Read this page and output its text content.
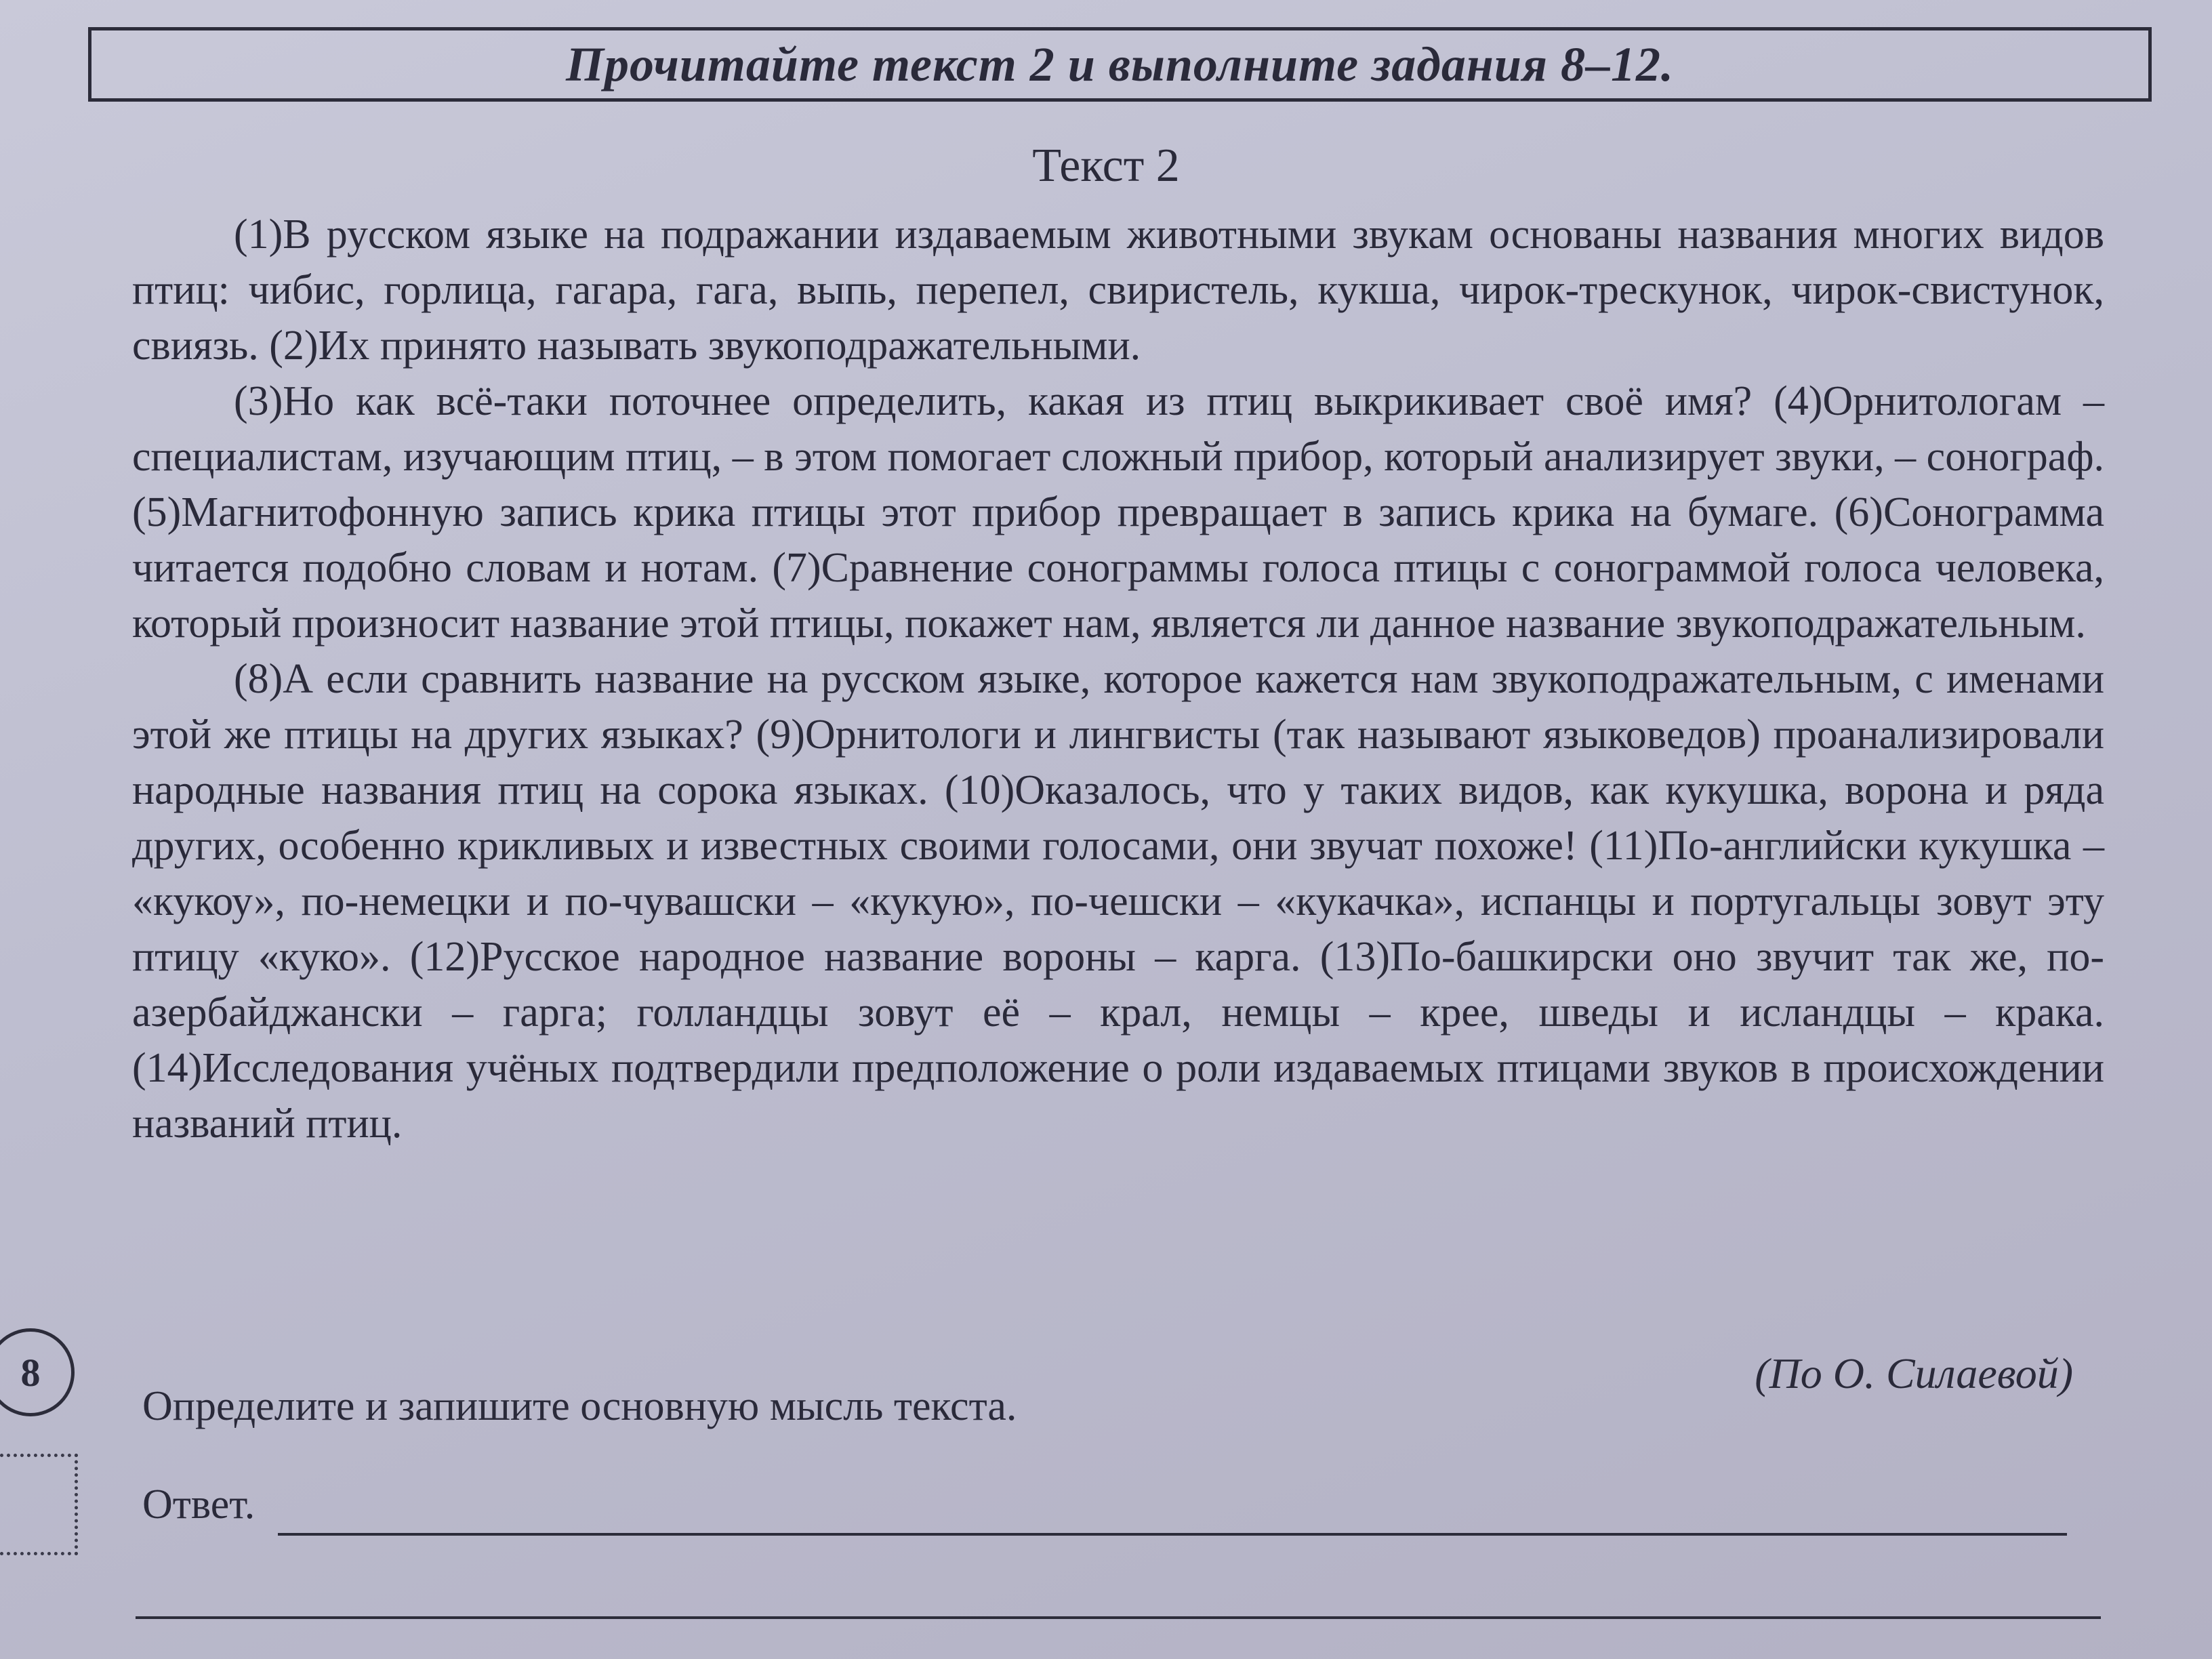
Прочитайте текст 2 и выполните задания 8–12.
Текст 2

(1)В русском языке на подражании издаваемым животными звукам основаны названия многих видов птиц: чибис, горлица, гагара, гага, выпь, перепел, свиристель, кукша, чирок-трескунок, чирок-свистунок, свиязь. (2)Их принято называть звукоподражательными.

(3)Но как всё-таки поточнее определить, какая из птиц выкрикивает своё имя? (4)Орнитологам – специалистам, изучающим птиц, – в этом помогает сложный прибор, который анализирует звуки, – сонограф. (5)Магнитофонную запись крика птицы этот прибор превращает в запись крика на бумаге. (6)Сонограмма читается подобно словам и нотам. (7)Сравнение сонограммы голоса птицы с сонограммой голоса человека, который произносит название этой птицы, покажет нам, является ли данное название звукоподражательным.

(8)А если сравнить название на русском языке, которое кажется нам звукоподражательным, с именами этой же птицы на других языках? (9)Орнитологи и лингвисты (так называют языковедов) проанализировали народные названия птиц на сорока языках. (10)Оказалось, что у таких видов, как кукушка, ворона и ряда других, особенно крикливых и известных своими голосами, они звучат похоже! (11)По-английски кукушка – «кукоу», по-немецки и по-чувашски – «кукую», по-чешски – «кукачка», испанцы и португальцы зовут эту птицу «куко». (12)Русское народное название вороны – карга. (13)По-башкирски оно звучит так же, по-азербайджански – гарга; голландцы зовут её – крал, немцы – крее, шведы и исландцы – крака. (14)Исследования учёных подтвердили предположение о роли издаваемых птицами звуков в происхождении названий птиц.

(По О. Силаевой)
8
Определите и запишите основную мысль текста.
Ответ.
